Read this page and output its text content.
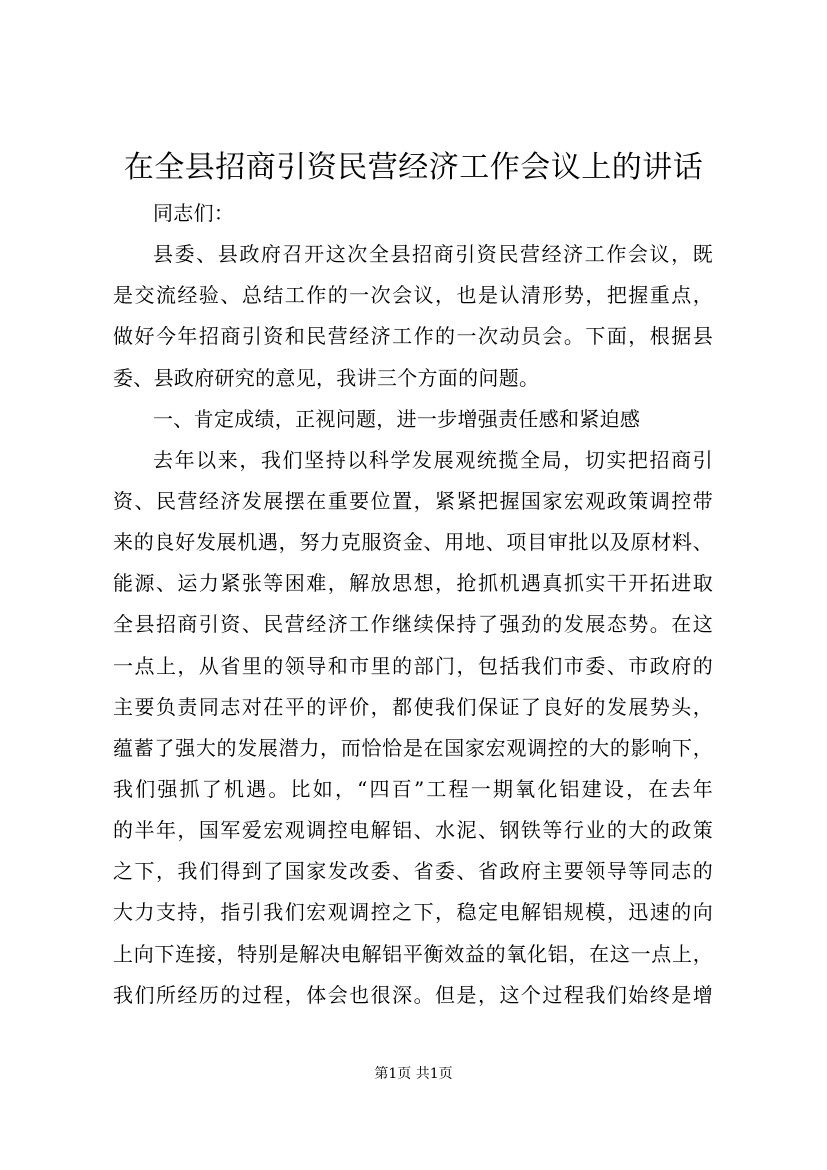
在全县招商引资民营经济工作会议上的讲话
同志们：
县委、县政府召开这次全县招商引资民营经济工作会议，既
是交流经验、总结工作的一次会议，也是认清形势，把握重点，
做好今年招商引资和民营经济工作的一次动员会。下面，根据县
委、县政府研究的意见，我讲三个方面的问题。
一、肯定成绩，正视问题，进一步增强责任感和紧迫感
去年以来，我们坚持以科学发展观统揽全局，切实把招商引
资、民营经济发展摆在重要位置，紧紧把握国家宏观政策调控带
来的良好发展机遇，努力克服资金、用地、项目审批以及原材料、
能源、运力紧张等困难，解放思想，抢抓机遇真抓实干开拓进取
全县招商引资、民营经济工作继续保持了强劲的发展态势。在这
一点上，从省里的领导和市里的部门，包括我们市委、市政府的
主要负责同志对茌平的评价，都使我们保证了良好的发展势头，
蕴蓄了强大的发展潜力，而恰恰是在国家宏观调控的大的影响下，
我们强抓了机遇。比如，“四百”工程一期氧化铝建设，在去年
的半年，国军爱宏观调控电解铝、水泥、钢铁等行业的大的政策
之下，我们得到了国家发改委、省委、省政府主要领导等同志的
大力支持，指引我们宏观调控之下，稳定电解铝规模，迅速的向
上向下连接，特别是解决电解铝平衡效益的氧化铝，在这一点上，
我们所经历的过程，体会也很深。但是，这个过程我们始终是增
第1页 共1页
